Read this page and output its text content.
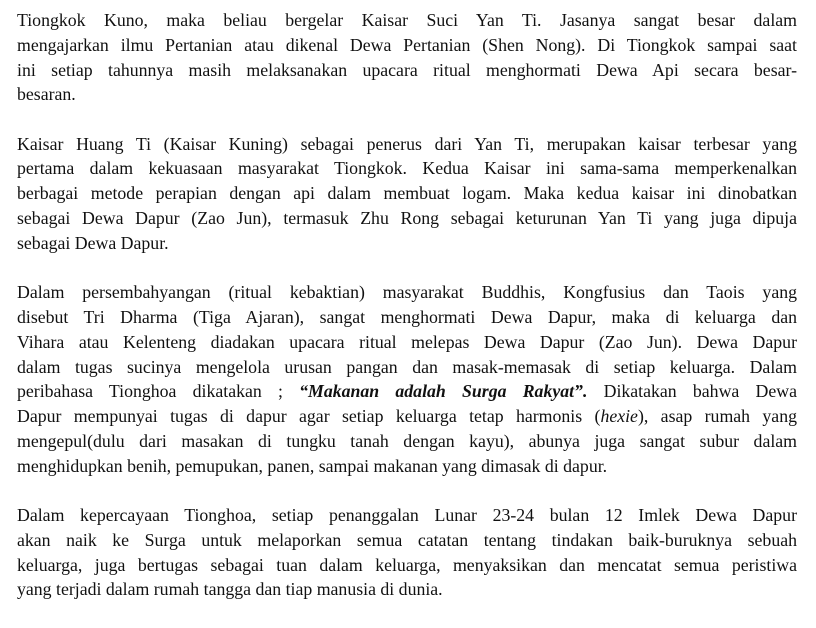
Tiongkok Kuno, maka beliau bergelar Kaisar Suci Yan Ti. Jasanya sangat besar dalam
mengajarkan ilmu Pertanian atau dikenal Dewa Pertanian (Shen Nong). Di Tiongkok sampai saat
ini setiap tahunnya masih melaksanakan upacara ritual menghormati Dewa Api secara besar-
besaran.

Kaisar Huang Ti (Kaisar Kuning) sebagai penerus dari Yan Ti, merupakan kaisar terbesar yang
pertama dalam kekuasaan masyarakat Tiongkok. Kedua Kaisar ini sama-sama memperkenalkan
berbagai metode perapian dengan api dalam membuat logam. Maka kedua kaisar ini dinobatkan
sebagai Dewa Dapur (Zao Jun), termasuk Zhu Rong sebagai keturunan Yan Ti yang juga dipuja
sebagai Dewa Dapur.

Dalam persembahyangan (ritual kebaktian) masyarakat Buddhis, Kongfusius dan Taois yang
disebut Tri Dharma (Tiga Ajaran), sangat menghormati Dewa Dapur, maka di keluarga dan
Vihara atau Kelenteng diadakan upacara ritual melepas Dewa Dapur (Zao Jun). Dewa Dapur
dalam tugas sucinya mengelola urusan pangan dan masak-memasak di setiap keluarga. Dalam
peribahasa Tionghoa dikatakan ; “Makanan adalah Surga Rakyat”. Dikatakan bahwa Dewa
Dapur mempunyai tugas di dapur agar setiap keluarga tetap harmonis (hexie), asap rumah yang
mengepul(dulu dari masakan di tungku tanah dengan kayu), abunya juga sangat subur dalam
menghidupkan benih, pemupukan, panen, sampai makanan yang dimasak di dapur.

Dalam kepercayaan Tionghoa, setiap penanggalan Lunar 23-24 bulan 12 Imlek Dewa Dapur
akan naik ke Surga untuk melaporkan semua catatan tentang tindakan baik-buruknya sebuah
keluarga, juga bertugas sebagai tuan dalam keluarga, menyaksikan dan mencatat semua peristiwa
yang terjadi dalam rumah tangga dan tiap manusia di dunia.
